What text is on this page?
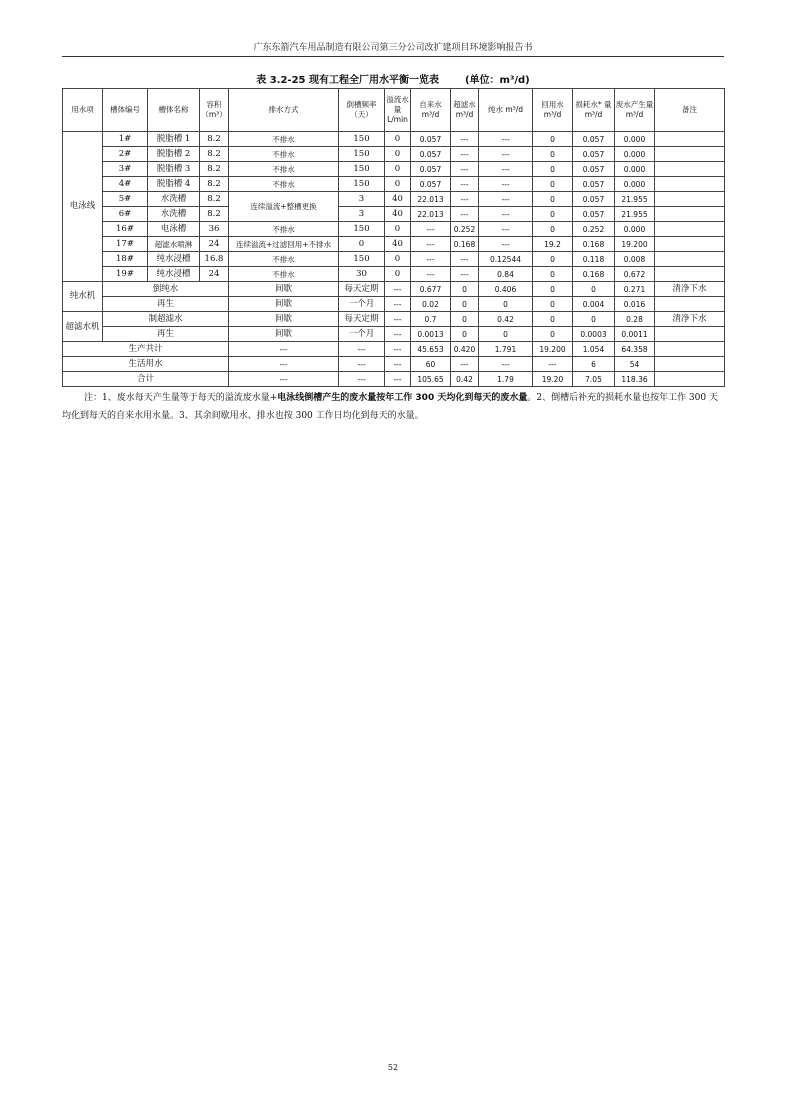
广东东箭汽车用品制造有限公司第三分公司改扩建项目环境影响报告书
表 3.2-25 现有工程全厂用水平衡一览表	(单位：m³/d)
用水项	槽体编号	槽体名称	容积（m³）	排水方式	倒槽频率（天）	溢流水量 L/min	自来水 m³/d	超滤水 m³/d	纯水 m³/d	回用水 m³/d	损耗水* 量 m³/d	废水产生量 m³/d	备注
电泳线	1#	脱脂槽 1	8.2	不排水	150	0	0.057	---	---	0	0.057	0.000	
	2#	脱脂槽 2	8.2	不排水	150	0	0.057	---	---	0	0.057	0.000	
	3#	脱脂槽 3	8.2	不排水	150	0	0.057	---	---	0	0.057	0.000	
	4#	脱脂槽 4	8.2	不排水	150	0	0.057	---	---	0	0.057	0.000	
	5#	水洗槽	8.2	连续溢流+整槽更换	3	40	22.013	---	---	0	0.057	21.955	
	6#	水洗槽	8.2		3	40	22.013	---	---	0	0.057	21.955	
	16#	电泳槽	36	不排水	150	0	---	0.252	---	0	0.252	0.000	
	17#	超滤水喷淋	24	连续溢流+过滤回用+不排水	0	40	---	0.168	---	19.2	0.168	19.200	
	18#	纯水浸槽	16.8	不排水	150	0	---	---	0.12544	0	0.118	0.008	
	19#	纯水浸槽	24	不排水	30	0	---	---	0.84	0	0.168	0.672	
纯水机	倒纯水			间歇	每天定期	---	0.677	0	0.406	0	0	0.271	清净下水
	再生			间歇	一个月	---	0.02	0	0	0	0.004	0.016	
超滤水机	制超滤水			间歇	每天定期	---	0.7	0	0.42	0	0	0.28	清净下水
	再生			间歇	一个月	---	0.0013	0	0	0	0.0003	0.0011	
生产共计				---	---	---	45.653	0.420	1.791	19.200	1.054	64.358	
生活用水				---	---	---	60	---	---	---	6	54	
合计				---	---	---	105.65	0.42	1.79	19.20	7.05	118.36	
注：1、废水每天产生量等于每天的溢流废水量+电泳线倒槽产生的废水量按年工作 300 天均化到每天的废水量。2、倒槽后补充的损耗水量也按年工作 300 天均化到每天的自来水用水量。3、其余间歇用水、排水也按 300 工作日均化到每天的水量。
52
